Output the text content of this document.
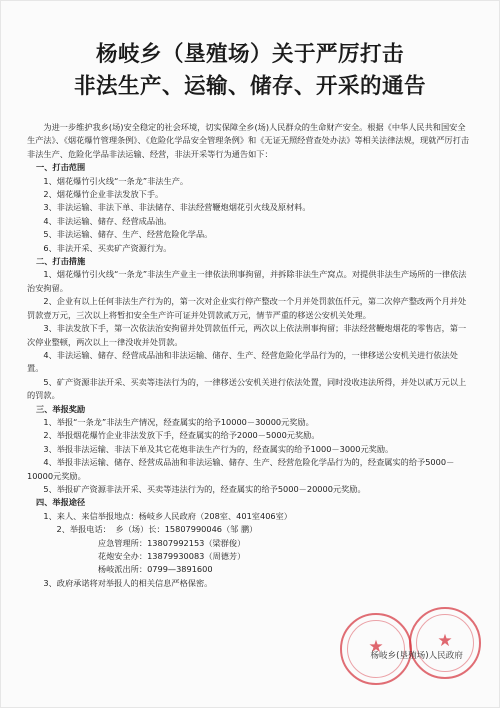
杨岐乡（垦殖场）关于严厉打击
非法生产、运输、储存、开采的通告

为进一步维护我乡(场)安全稳定的社会环境，切实保障全乡(场)人民群众的生命财产安全。根据《中华人民共和国安全生产法》、《烟花爆竹管理条例》、《危险化学品安全管理条例》和《无证无照经营查处办法》等相关法律法规，现就严厉打击非法生产、危险化学品非法运输、经营，非法开采等行为通告如下：

一、打击范围

1、烟花爆竹引火线“一条龙”非法生产。

2、烟花爆竹企业非法发放下手。

3、非法运输、非法下单、非法储存、非法经营鞭炮烟花引火线及原材料。

4、非法运输、储存、经营成品油。

5、非法运输、储存、生产、经营危险化学品。

6、非法开采、买卖矿产资源行为。

二、打击措施

1、烟花爆竹引火线“一条龙”非法生产业主一律依法刑事拘留，并拆除非法生产窝点。对提供非法生产场所的一律依法治安拘留。

2、企业有以上任何非法生产行为的，第一次对企业实行停产整改一个月并处罚款伍仟元，第二次停产整改两个月并处罚款壹万元，三次以上将暂扣安全生产许可证并处罚款贰万元，情节严重的移送公安机关处理。

3、非法发放下手，第一次依法治安拘留并处罚款伍仟元，两次以上依法刑事拘留；非法经营鞭炮烟花的零售店，第一次停业整顿，两次以上一律没收并处罚款。

4、非法运输、储存、经营成品油和非法运输、储存、生产、经营危险化学品行为的，一律移送公安机关进行依法处置。

5、矿产资源非法开采、买卖等违法行为的，一律移送公安机关进行依法处置，同时没收违法所得，并处以贰万元以上的罚款。

三、举报奖励

1、举报“一条龙”非法生产情况，经查属实的给予10000－30000元奖励。

2、举报烟花爆竹企业非法发放下手，经查属实的给予2000－5000元奖励。

3、举报非法运输、非法下单及其它花炮非法生产行为的，经查属实的给予1000－3000元奖励。

4、举报非法运输、储存、经营成品油和非法运输、储存、生产、经营危险化学品行为的，经查属实的给予5000－10000元奖励。

5、举报矿产资源非法开采、买卖等违法行为的，经查属实的给予5000－20000元奖励。

四、举报途径

1、来人、来信举报地点：杨岐乡人民政府（208室、401室406室）

2、举报电话： 乡（场）长：15807990046（邹 鹏）
应急管理所：13807992153（梁群俊）
花炮安全办：13879930083（周德芳）
杨岐派出所：0799—3891600

3、政府承诺将对举报人的相关信息严格保密。

★	★
杨岐乡(垦殖场)人民政府
